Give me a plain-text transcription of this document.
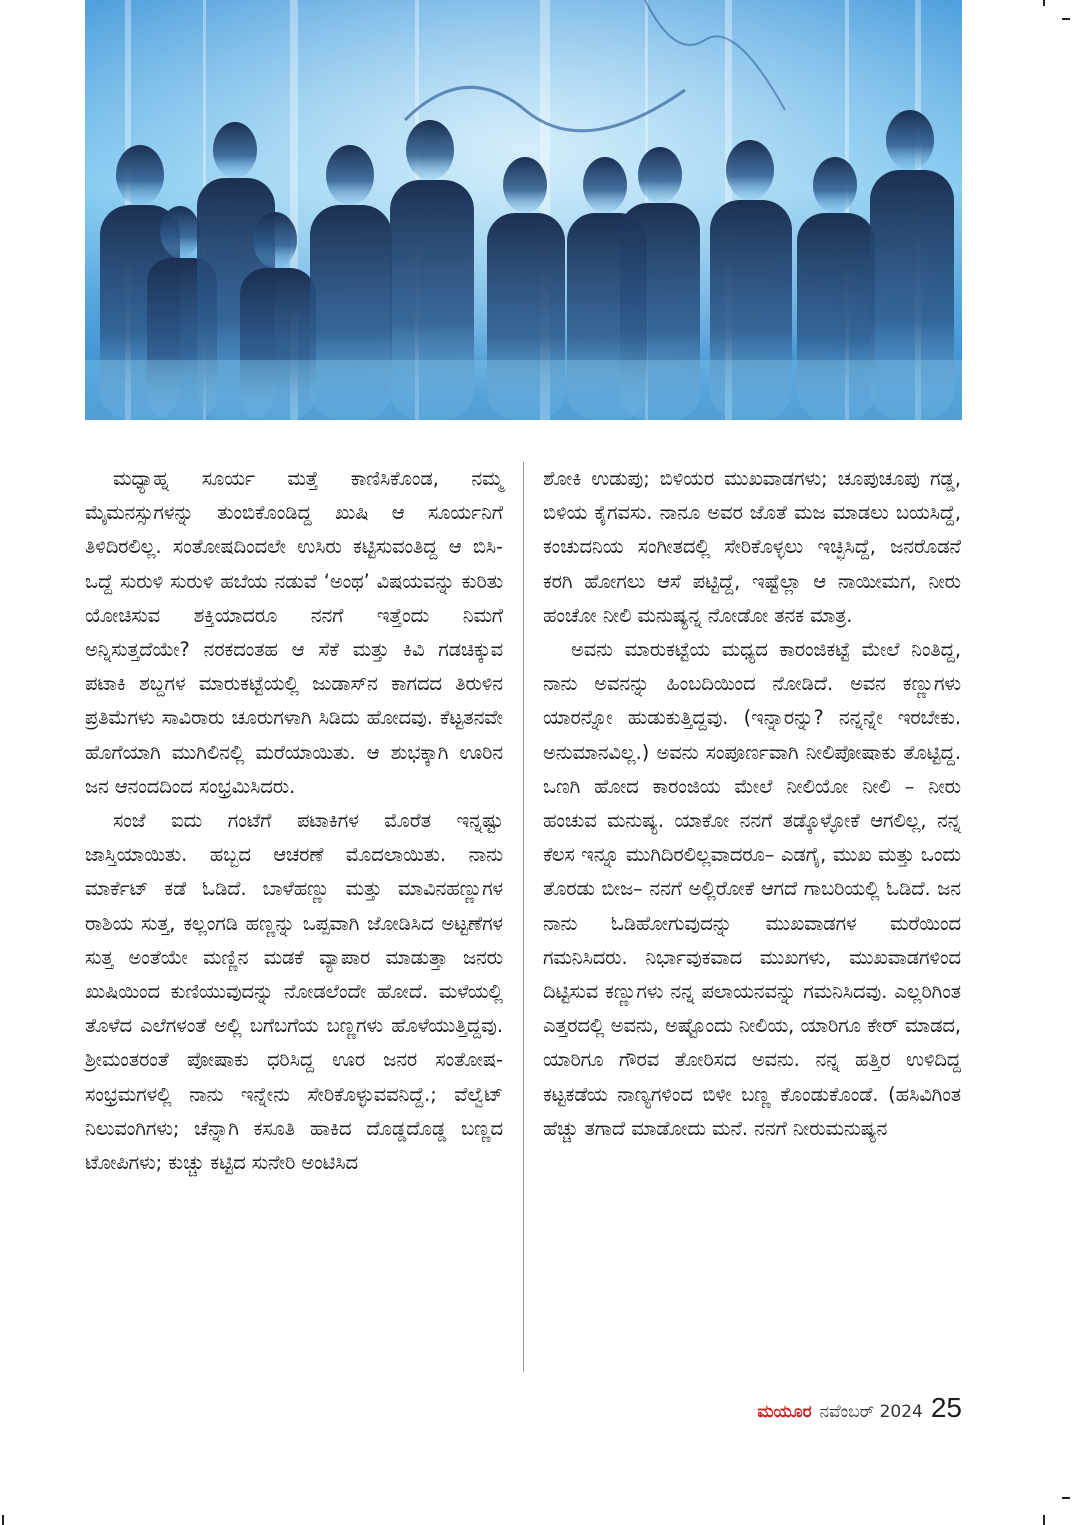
ಮಧ್ಯಾಹ್ನ ಸೂರ್ಯ ಮತ್ತೆ ಕಾಣಿಸಿಕೊಂಡ, ನಮ್ಮ ಮೈಮನಸ್ಸುಗಳನ್ನು ತುಂಬಿಕೊಂಡಿದ್ದ ಖುಷಿ ಆ ಸೂರ್ಯನಿಗೆ ತಿಳಿದಿರಲಿಲ್ಲ. ಸಂತೋಷದಿಂದಲೇ ಉಸಿರು ಕಟ್ಟಿಸುವಂತಿದ್ದ ಆ ಬಿಸಿ-ಒದ್ದೆ ಸುರುಳಿ ಸುರುಳಿ ಹಬೆಯ ನಡುವೆ ‘ಅಂಥ’ ವಿಷಯವನ್ನು ಕುರಿತು ಯೋಚಿಸುವ ಶಕ್ತಿಯಾದರೂ ನನಗೆ ಇತ್ತೆಂದು ನಿಮಗೆ ಅನ್ನಿಸುತ್ತದೆಯೇ? ನರಕದಂತಹ ಆ ಸೆಕೆ ಮತ್ತು ಕಿವಿ ಗಡಚಿಕ್ಕುವ ಪಟಾಕಿ ಶಬ್ದಗಳ ಮಾರುಕಟ್ಟೆಯಲ್ಲಿ ಜುಡಾಸ್‌ನ ಕಾಗದದ ತಿರುಳಿನ ಪ್ರತಿಮೆಗಳು ಸಾವಿರಾರು ಚೂರುಗಳಾಗಿ ಸಿಡಿದು ಹೋದವು. ಕೆಟ್ಟತನವೇ ಹೊಗೆಯಾಗಿ ಮುಗಿಲಿನಲ್ಲಿ ಮರೆಯಾಯಿತು. ಆ ಶುಭಕ್ಕಾಗಿ ಊರಿನ ಜನ ಆನಂದದಿಂದ ಸಂಭ್ರಮಿಸಿದರು.

ಸಂಜೆ ಐದು ಗಂಟೆಗೆ ಪಟಾಕಿಗಳ ಮೊರೆತ ಇನ್ನಷ್ಟು ಜಾಸ್ತಿಯಾಯಿತು. ಹಬ್ಬದ ಆಚರಣೆ ಮೊದಲಾಯಿತು. ನಾನು ಮಾರ್ಕೆಟ್ ಕಡೆ ಓಡಿದೆ. ಬಾಳೆಹಣ್ಣು ಮತ್ತು ಮಾವಿನಹಣ್ಣುಗಳ ರಾಶಿಯ ಸುತ್ತ, ಕಲ್ಲಂಗಡಿ ಹಣ್ಣನ್ನು ಒಪ್ಪವಾಗಿ ಜೋಡಿಸಿದ ಅಟ್ಟಣೆಗಳ ಸುತ್ತ ಅಂತೆಯೇ ಮಣ್ಣಿನ ಮಡಕೆ ವ್ಯಾಪಾರ ಮಾಡುತ್ತಾ ಜನರು ಖುಷಿಯಿಂದ ಕುಣಿಯುವುದನ್ನು ನೋಡಲೆಂದೇ ಹೋದೆ. ಮಳೆಯಲ್ಲಿ ತೊಳೆದ ಎಲೆಗಳಂತೆ ಅಲ್ಲಿ ಬಗೆಬಗೆಯ ಬಣ್ಣಗಳು ಹೊಳೆಯುತ್ತಿದ್ದವು. ಶ್ರೀಮಂತರಂತೆ ಪೋಷಾಕು ಧರಿಸಿದ್ದ ಊರ ಜನರ ಸಂತೋಷ-ಸಂಭ್ರಮಗಳಲ್ಲಿ ನಾನು ಇನ್ನೇನು ಸೇರಿಕೊಳ್ಳುವವನಿದ್ದೆ.; ವೆಲ್ವೆಟ್ ನಿಲುವಂಗಿಗಳು; ಚೆನ್ನಾಗಿ ಕಸೂತಿ ಹಾಕಿದ ದೊಡ್ಡದೊಡ್ಡ ಬಣ್ಣದ ಟೋಪಿಗಳು; ಕುಚ್ಚು ಕಟ್ಟಿದ ಸುನೇರಿ ಅಂಟಿಸಿದ

ಶೋಕಿ ಉಡುಪು; ಬಿಳಿಯರ ಮುಖವಾಡಗಳು; ಚೂಪುಚೂಪು ಗಡ್ಡ, ಬಿಳಿಯ ಕೈಗವಸು. ನಾನೂ ಅವರ ಜೊತೆ ಮಜ ಮಾಡಲು ಬಯಸಿದ್ದೆ, ಕಂಚುದನಿಯ ಸಂಗೀತದಲ್ಲಿ ಸೇರಿಕೊಳ್ಳಲು ಇಚ್ಛಿಸಿದ್ದೆ, ಜನರೊಡನೆ ಕರಗಿ ಹೋಗಲು ಆಸೆ ಪಟ್ಟಿದ್ದೆ, ಇಷ್ಟೆಲ್ಲಾ ಆ ನಾಯೀಮಗ, ನೀರು ಹಂಚೋ ನೀಲಿ ಮನುಷ್ಯನ್ನ ನೋಡೋ ತನಕ ಮಾತ್ರ.

ಅವನು ಮಾರುಕಟ್ಟೆಯ ಮಧ್ಯದ ಕಾರಂಜಿಕಟ್ಟೆ ಮೇಲೆ ನಿಂತಿದ್ದ, ನಾನು ಅವನನ್ನು ಹಿಂಬದಿಯಿಂದ ನೋಡಿದೆ. ಅವನ ಕಣ್ಣುಗಳು ಯಾರನ್ನೋ ಹುಡುಕುತ್ತಿದ್ದವು. (ಇನ್ನಾರನ್ನು? ನನ್ನನ್ನೇ ಇರಬೇಕು. ಅನುಮಾನವಿಲ್ಲ.) ಅವನು ಸಂಪೂರ್ಣವಾಗಿ ನೀಲಿಪೋಷಾಕು ತೊಟ್ಟಿದ್ದ. ಒಣಗಿ ಹೋದ ಕಾರಂಜಿಯ ಮೇಲೆ ನೀಲಿಯೋ ನೀಲಿ – ನೀರು ಹಂಚುವ ಮನುಷ್ಯ. ಯಾಕೋ ನನಗೆ ತಡ್ಕೊಳ್ಳೋಕೆ ಆಗಲಿಲ್ಲ, ನನ್ನ ಕೆಲಸ ಇನ್ನೂ ಮುಗಿದಿರಲಿಲ್ಲವಾದರೂ– ಎಡಗೈ, ಮುಖ ಮತ್ತು ಒಂದು ತೊರಡು ಬೀಜ– ನನಗೆ ಅಲ್ಲಿರೋಕೆ ಆಗದೆ ಗಾಬರಿಯಲ್ಲಿ ಓಡಿದೆ. ಜನ ನಾನು ಓಡಿಹೋಗುವುದನ್ನು ಮುಖವಾಡಗಳ ಮರೆಯಿಂದ ಗಮನಿಸಿದರು. ನಿರ್ಭಾವುಕವಾದ ಮುಖಗಳು, ಮುಖವಾಡಗಳಿಂದ ದಿಟ್ಟಿಸುವ ಕಣ್ಣುಗಳು ನನ್ನ ಪಲಾಯನವನ್ನು ಗಮನಿಸಿದವು. ಎಲ್ಲರಿಗಿಂತ ಎತ್ತರದಲ್ಲಿ ಅವನು, ಅಷ್ಟೊಂದು ನೀಲಿಯ, ಯಾರಿಗೂ ಕೇರ್ ಮಾಡದ, ಯಾರಿಗೂ ಗೌರವ ತೋರಿಸದ ಅವನು. ನನ್ನ ಹತ್ತಿರ ಉಳಿದಿದ್ದ ಕಟ್ಟಕಡೆಯ ನಾಣ್ಯಗಳಿಂದ ಬಿಳೀ ಬಣ್ಣ ಕೊಂಡುಕೊಂಡೆ. (ಹಸಿವಿಗಿಂತ ಹೆಚ್ಚು ತಗಾದೆ ಮಾಡೋದು ಮನೆ. ನನಗೆ ನೀರುಮನುಷ್ಯನ

ಮಯೂರ ನವೆಂಬರ್ 2024 25
